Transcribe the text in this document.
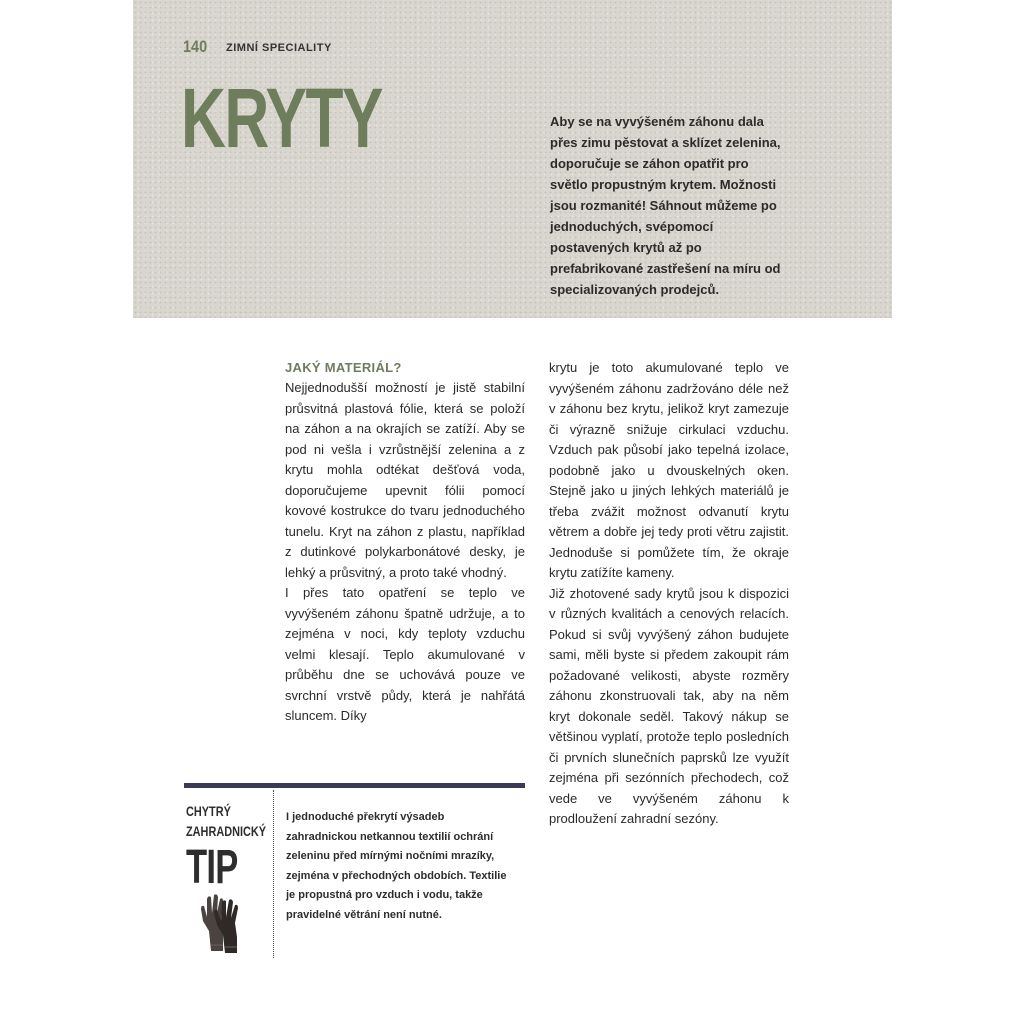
140 ZIMNÍ SPECIALITY
KRYTY	Aby se na vyvýšeném záhonu dala přes zimu pěstovat a sklízet zelenina, doporučuje se záhon opatřit pro světlo propustným krytem. Možnosti jsou rozmanité! Sáhnout můžeme po jednoduchých, svépomocí postavených krytů až po prefabrikované zastřešení na míru od specializovaných prodejců.
JAKÝ MATERIÁL?

Nejjednodušší možností je jistě stabilní průsvitná plastová fólie, která se položí na záhon a na okrajích se zatíží. Aby se pod ni vešla i vzrůstnější zelenina a z krytu mohla odtékat dešťová voda, doporučujeme upevnit fólii pomocí kovové kostrukce do tvaru jednoduchého tunelu. Kryt na záhon z plastu, například z dutinkové polykarbonátové desky, je lehký a průsvitný, a proto také vhodný.

I přes tato opatření se teplo ve vyvýšeném záhonu špatně udržuje, a to zejména v noci, kdy teploty vzduchu velmi klesají. Teplo akumulované v průběhu dne se uchovává pouze ve svrchní vrstvě půdy, která je nahřátá sluncem. Díky

krytu je toto akumulované teplo ve vyvýšeném záhonu zadržováno déle než v záhonu bez krytu, jelikož kryt zamezuje či výrazně snižuje cirkulaci vzduchu. Vzduch pak působí jako tepelná izolace, podobně jako u dvouskelných oken. Stejně jako u jiných lehkých materiálů je třeba zvážit možnost odvanutí krytu větrem a dobře jej tedy proti větru zajistit. Jednoduše si pomůžete tím, že okraje krytu zatížíte kameny.

Již zhotovené sady krytů jsou k dispozici v různých kvalitách a cenových relacích. Pokud si svůj vyvýšený záhon budujete sami, měli byste si předem zakoupit rám požadované velikosti, abyste rozměry záhonu zkonstruovali tak, aby na něm kryt dokonale seděl. Takový nákup se většinou vyplatí, protože teplo posledních či prvních slunečních paprsků lze využít zejména při sezónních přechodech, což vede ve vyvýšeném záhonu k prodloužení zahradní sezóny.

CHYTRÝ
ZAHRADNICKÝ
TIP
I jednoduché překrytí výsadeb zahradnickou netkannou textilií ochrání zeleninu před mírnými nočními mrazíky, zejména v přechodných obdobích. Textilie je propustná pro vzduch i vodu, takže pravidelné větrání není nutné.
